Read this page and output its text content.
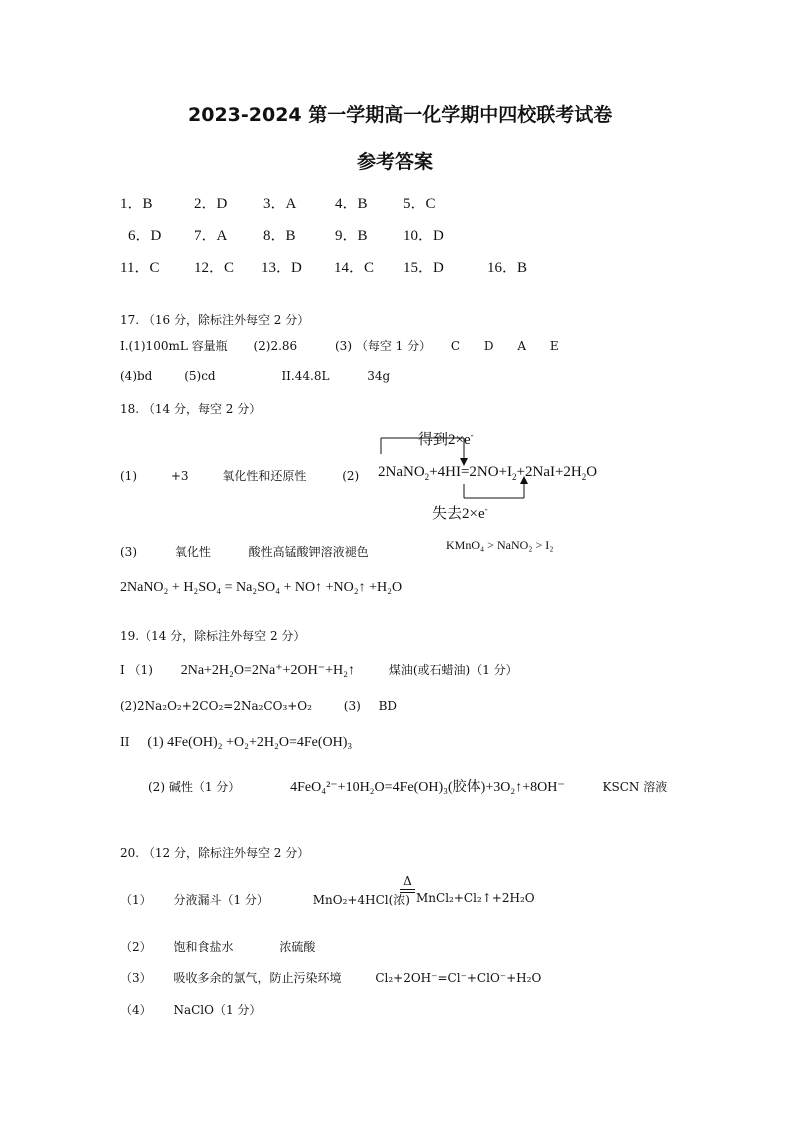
2023-2024 第一学期高一化学期中四校联考试卷
参考答案
1．B	2．D 3．A	4．B 5．C
6．D 7．A 8．B	9．B 10．D
11．C 12．C 13．D 14．C 15．D	16．B
17. （16 分，除标注外每空 2 分）
I.(1)100mL 容量瓶 (2)2.86	(3) （每空 1 分） C D A E
(4)bd	(5)cd	II.44.8L	34g
18. （14 分，每空 2 分）
得到2×e-
失去2×e-
(1)	+3	氧化性和还原性	(2) $2NaNO_2+4HI=2NO+I_2+2NaI+2H_2O$
(3)	氧化性	酸性高锰酸钾溶液褪色	KMnO₄ > NaNO₂ > I₂
2NaNO₂ + H₂SO₄ = Na₂SO₄ + NO↑ +NO₂↑ +H₂O
19.（14 分，除标注外每空 2 分）
I （1) 2Na+2H₂O=2Na⁺+2OH⁻+H₂↑	煤油(或石蜡油)（1 分）
(2)2Na₂O₂+2CO₂=2Na₂CO₃+O₂	(3) BD
II (1) 4Fe(OH)₂ +O₂+2H₂O=4Fe(OH)₃
(2) 碱性（1 分）	4FeO₄²⁻+10H₂O=4Fe(OH)₃(胶体)+3O₂↑+8OH⁻	KSCN 溶液
20. （12 分，除标注外每空 2 分）
（1） 分液漏斗（1 分）	MnO₂+4HCl(浓)
Δ
MnCl₂+Cl₂↑+2H₂O
（2） 饱和食盐水	浓硫酸
（3） 吸收多余的氯气，防止污染环境	Cl₂+2OH⁻=Cl⁻+ClO⁻+H₂O
（4） NaClO（1 分）
